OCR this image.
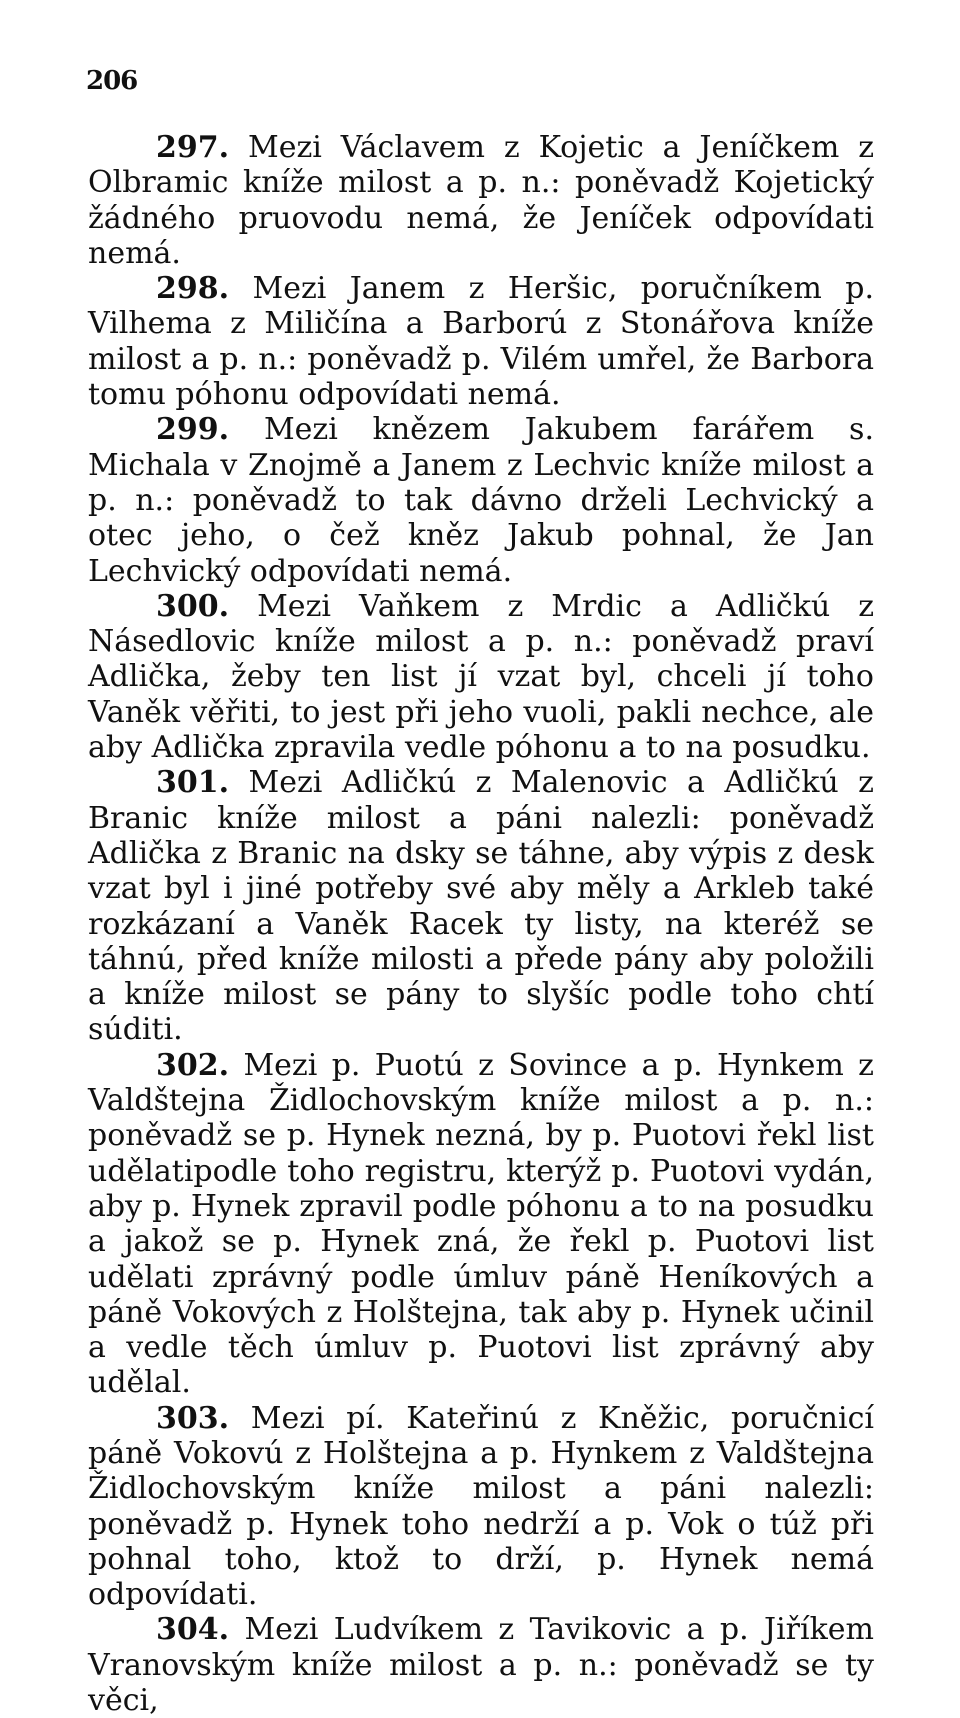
206

297. Mezi Václavem z Kojetic a Jeníčkem z Olbramic kníže milost a p. n.: poněvadž Kojetický žádného pruovodu nemá, že Jeníček odpovídati nemá.

298. Mezi Janem z Heršic, poručníkem p. Vilhema z Miličína a Barború z Stonářova kníže milost a p. n.: poněvadž p. Vilém umřel, že Barbora tomu póhonu odpovídati nemá.

299. Mezi knězem Jakubem farářem s. Michala v Znojmě a Janem z Lechvic kníže milost a p. n.: poněvadž to tak dávno drželi Lechvický a otec jeho, o čež kněz Jakub pohnal, že Jan Lechvický odpovídati nemá.

300. Mezi Vaňkem z Mrdic a Adličkú z Násedlovic kníže milost a p. n.: poněvadž praví Adlička, žeby ten list jí vzat byl, chceli jí toho Vaněk věřiti, to jest při jeho vuoli, pakli nechce, ale aby Adlička zpravila vedle póhonu a to na posudku.

301. Mezi Adličkú z Malenovic a Adličkú z Branic kníže milost a páni nalezli: poněvadž Adlička z Branic na dsky se táhne, aby výpis z desk vzat byl i jiné potřeby své aby měly a Arkleb také rozkázaní a Vaněk Racek ty listy, na kteréž se táhnú, před kníže milosti a přede pány aby položili a kníže milost se pány to slyšíc podle toho chtí súditi.

302. Mezi p. Puotú z Sovince a p. Hynkem z Valdštejna Židlochovským kníže milost a p. n.: poněvadž se p. Hynek nezná, by p. Puotovi řekl list udělatipodle toho registru, kterýž p. Puotovi vydán, aby p. Hynek zpravil podle póhonu a to na posudku a jakož se p. Hynek zná, že řekl p. Puotovi list udělati zprávný podle úmluv páně Heníkových a páně Vokových z Holštejna, tak aby p. Hynek učinil a vedle těch úmluv p. Puotovi list zprávný aby udělal.

303. Mezi pí. Kateřinú z Kněžic, poručnicí páně Vokovú z Holštejna a p. Hynkem z Valdštejna Židlochovským kníže milost a páni nalezli: poněvadž p. Hynek toho nedrží a p. Vok o túž při pohnal toho, ktož to drží, p. Hynek nemá odpovídati.

304. Mezi Ludvíkem z Tavikovic a p. Jiříkem Vranovským kníže milost a p. n.: poněvadž se ty věci,
